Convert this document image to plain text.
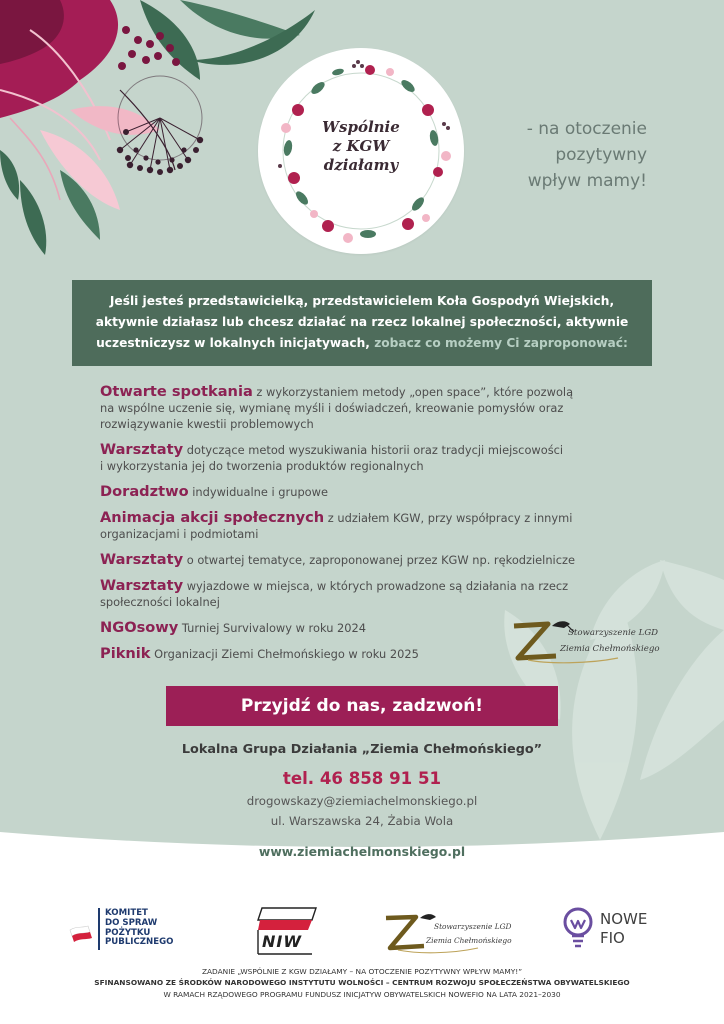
Wspólnie
z KGW
działamy
- na otoczenie
pozytywny
wpływ mamy!
Jeśli jesteś przedstawicielką, przedstawicielem Koła Gospodyń Wiejskich,
aktywnie działasz lub chcesz działać na rzecz lokalnej społeczności, aktywnie
uczestniczysz w lokalnych inicjatywach, zobacz co możemy Ci zaproponować:
Otwarte spotkania z wykorzystaniem metody „open space”, które pozwolą
na wspólne uczenie się, wymianę myśli i doświadczeń, kreowanie pomysłów oraz
rozwiązywanie kwestii problemowych
Warsztaty dotyczące metod wyszukiwania historii oraz tradycji miejscowości
i wykorzystania jej do tworzenia produktów regionalnych
Doradztwo indywidualne i grupowe
Animacja akcji społecznych z udziałem KGW, przy współpracy z innymi
organizacjami i podmiotami
Warsztaty o otwartej tematyce, zaproponowanej przez KGW np. rękodzielnicze
Warsztaty wyjazdowe w miejsca, w których prowadzone są działania na rzecz
społeczności lokalnej
NGOsowy Turniej Survivalowy w roku 2024
Piknik Organizacji Ziemi Chełmońskiego w roku 2025
Stowarzyszenie LGD
Ziemia Chełmońskiego
Przyjdź do nas, zadzwoń!
Lokalna Grupa Działania „Ziemia Chełmońskiego”
tel. 46 858 91 51
drogowskazy@ziemiachelmonskiego.pl
ul. Warszawska 24, Żabia Wola
www.ziemiachelmonskiego.pl
KOMITET
DO SPRAW
POŻYTKU
PUBLICZNEGO	NIW
Stowarzyszenie LGD
Ziemia Chełmońskiego
NOWE
FIO
ZADANIE „WSPÓLNIE Z KGW DZIAŁAMY – NA OTOCZENIE POZYTYWNY WPŁYW MAMY!”
SFINANSOWANO ZE ŚRODKÓW NARODOWEGO INSTYTUTU WOLNOŚCI – CENTRUM ROZWOJU SPOŁECZEŃSTWA OBYWATELSKIEGO
W RAMACH RZĄDOWEGO PROGRAMU FUNDUSZ INICJATYW OBYWATELSKICH NOWEFIO NA LATA 2021–2030
